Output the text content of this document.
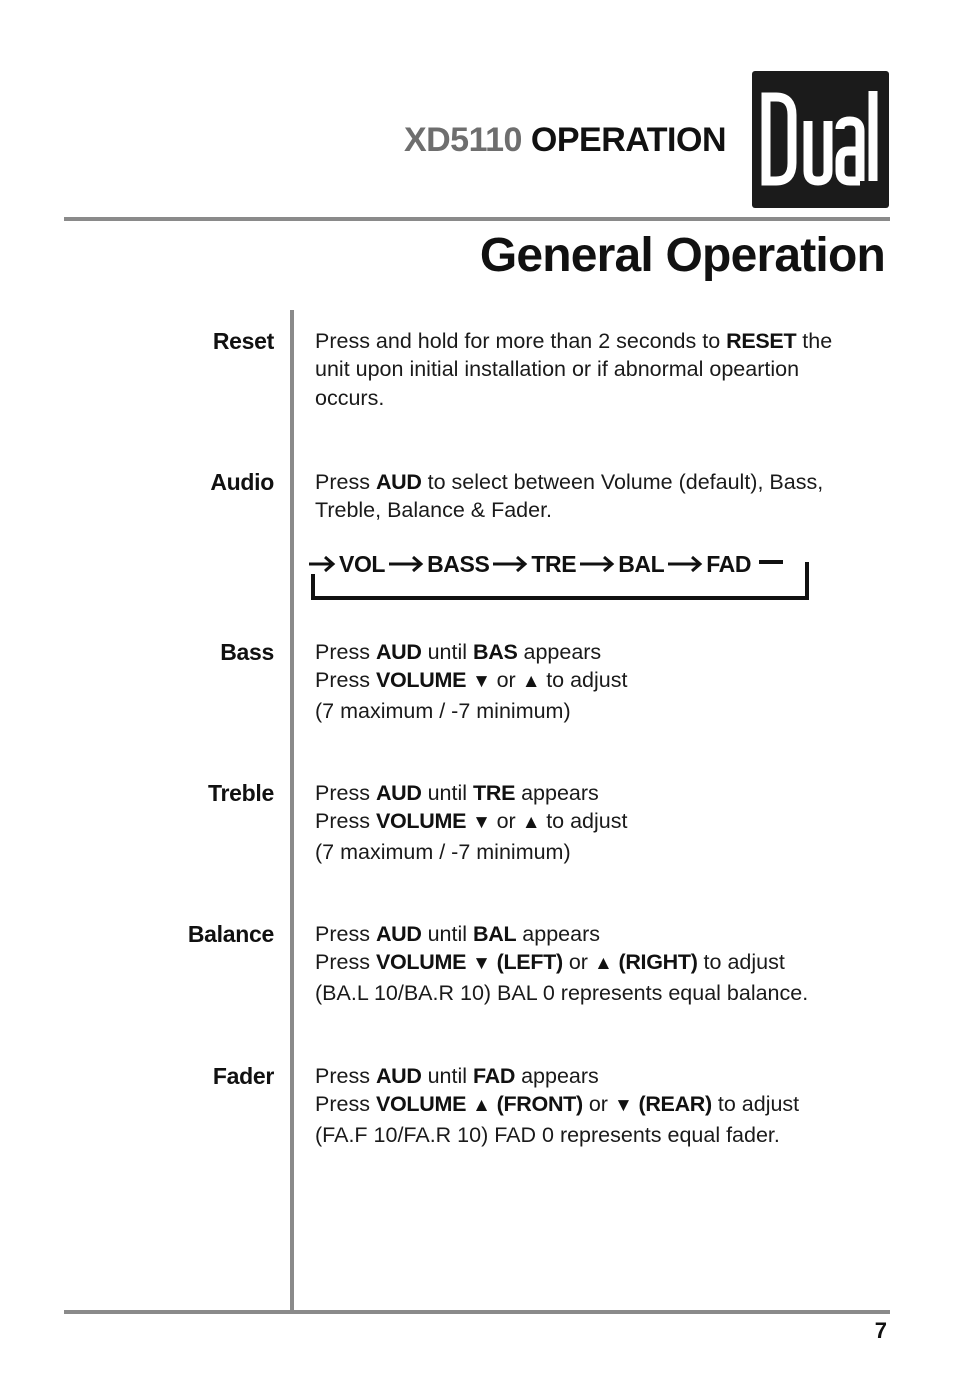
XD5110 OPERATION
General Operation
Reset Press and hold for more than 2 seconds to RESET the
unit upon initial installation or if abnormal opeartion
occurs.
Audio Press AUD to select between Volume (default), Bass,
Treble, Balance & Fader.
VOL BASS TRE BAL FAD
Bass Press AUD until BAS appears
Press VOLUME ▼ or ▲ to adjust
(7 maximum / -7 minimum)
Treble Press AUD until TRE appears
Press VOLUME ▼ or ▲ to adjust
(7 maximum / -7 minimum)
Balance Press AUD until BAL appears
Press VOLUME ▼ (LEFT) or ▲ (RIGHT) to adjust
(BA.L 10/BA.R 10) BAL 0 represents equal balance.
Fader Press AUD until FAD appears
Press VOLUME ▲ (FRONT) or ▼ (REAR) to adjust
(FA.F 10/FA.R 10) FAD 0 represents equal fader.
7
